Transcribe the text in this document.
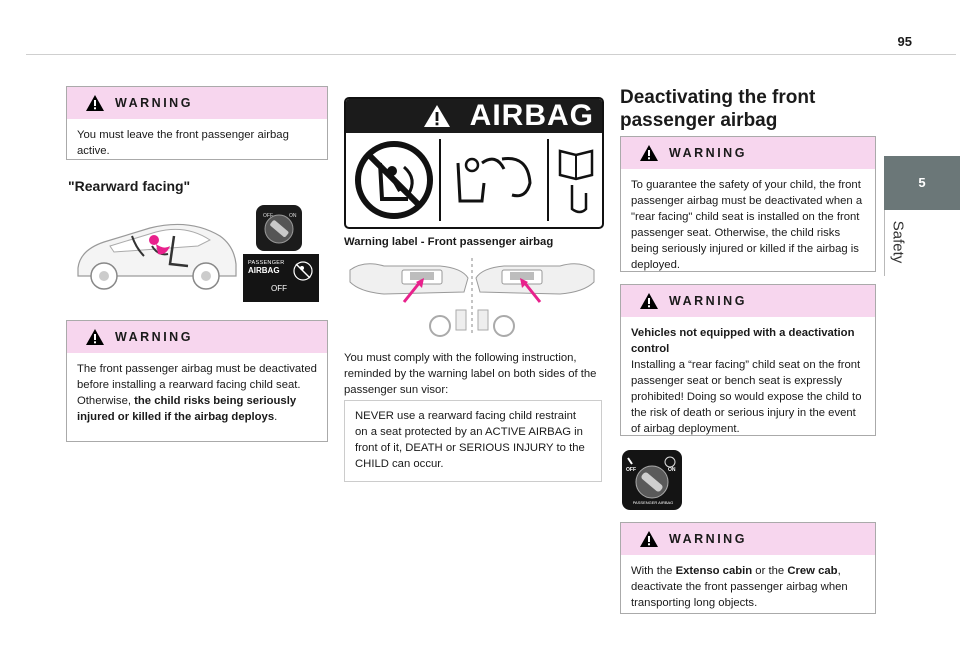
95
5
Safety
WARNING
You must leave the front passenger airbag active.
"Rearward facing"
OFF	ON
PASSENGER
AIRBAG
OFF
WARNING
The front passenger airbag must be deactivated before installing a rearward facing child seat. Otherwise, the child risks being seriously injured or killed if the airbag deploys.
AIRBAG
Warning label - Front passenger airbag
You must comply with the following instruction, reminded by the warning label on both sides of the passenger sun visor:
NEVER use a rearward facing child restraint on a seat protected by an ACTIVE AIRBAG in front of it, DEATH or SERIOUS INJURY to the CHILD can occur.
Deactivating the front
passenger airbag
WARNING
To guarantee the safety of your child, the front passenger airbag must be deactivated when a "rear facing" child seat is installed on the front passenger seat. Otherwise, the child risks being seriously injured or killed if the airbag is deployed.
WARNING
Vehicles not equipped with a deactivation control
Installing a “rear facing” child seat on the front passenger seat or bench seat is expressly prohibited! Doing so would expose the child to the risk of death or serious injury in the event of airbag deployment.
OFF	ON
PASSENGER AIRBAG
WARNING
With the Extenso cabin or the Crew cab, deactivate the front passenger airbag when transporting long objects.
